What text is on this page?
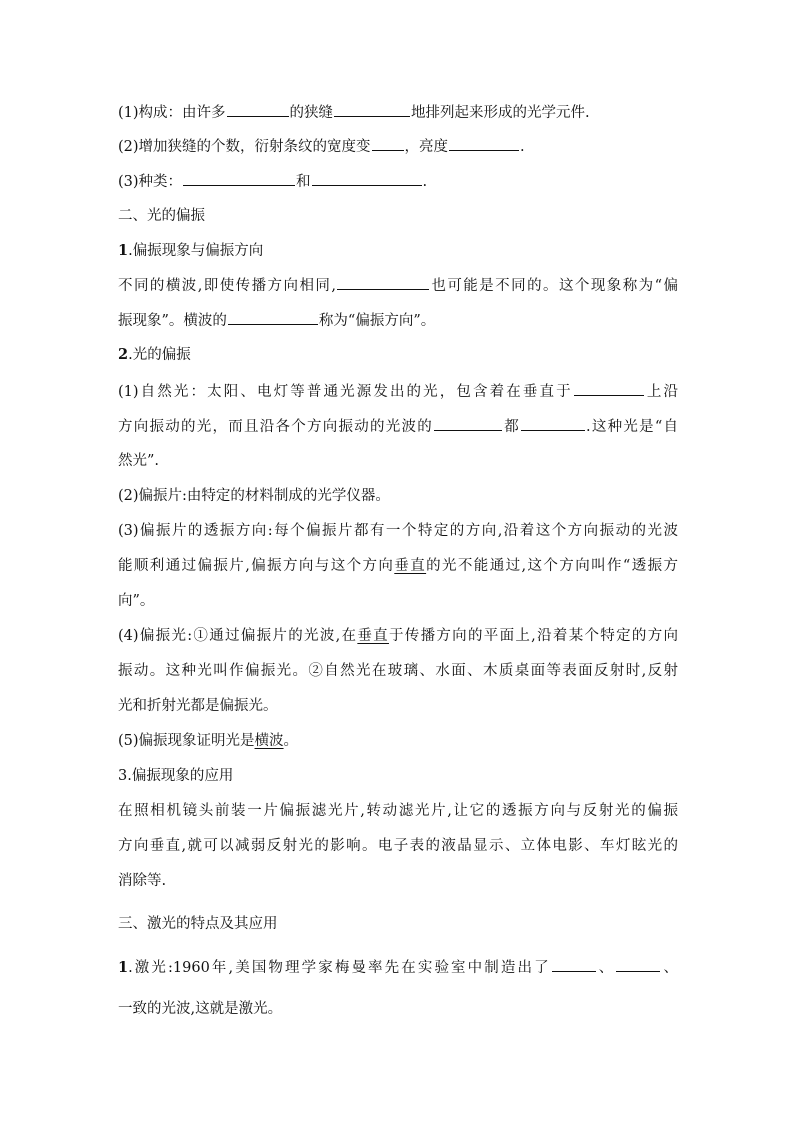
(1)构成：由许多	的狭缝	地排列起来形成的光学元件.
(2)增加狭缝的个数，衍射条纹的宽度变 ，亮度	.
(3)种类：	和	.
二、光的偏振
1.偏振现象与偏振方向
不同的横波,即使传播方向相同,	也可能是不同的。这个现象称为“偏
振现象”。横波的	称为“偏振方向”。
2.光的偏振
(1)自然光：太阳、电灯等普通光源发出的光，包含着在垂直于	上沿
方向振动的光，而且沿各个方向振动的光波的	都	.这种光是“自
然光”.
(2)偏振片:由特定的材料制成的光学仪器。
(3)偏振片的透振方向:每个偏振片都有一个特定的方向,沿着这个方向振动的光波
能顺利通过偏振片,偏振方向与这个方向垂直的光不能通过,这个方向叫作“透振方
向”。
(4)偏振光:①通过偏振片的光波,在垂直于传播方向的平面上,沿着某个特定的方向
振动。这种光叫作偏振光。②自然光在玻璃、水面、木质桌面等表面反射时,反射
光和折射光都是偏振光。
(5)偏振现象证明光是横波。
3.偏振现象的应用
在照相机镜头前装一片偏振滤光片,转动滤光片,让它的透振方向与反射光的偏振
方向垂直,就可以减弱反射光的影响。电子表的液晶显示、立体电影、车灯眩光的
消除等.
三、激光的特点及其应用
1.激光:1960年,美国物理学家梅曼率先在实验室中制造出了	、	、
一致的光波,这就是激光。
